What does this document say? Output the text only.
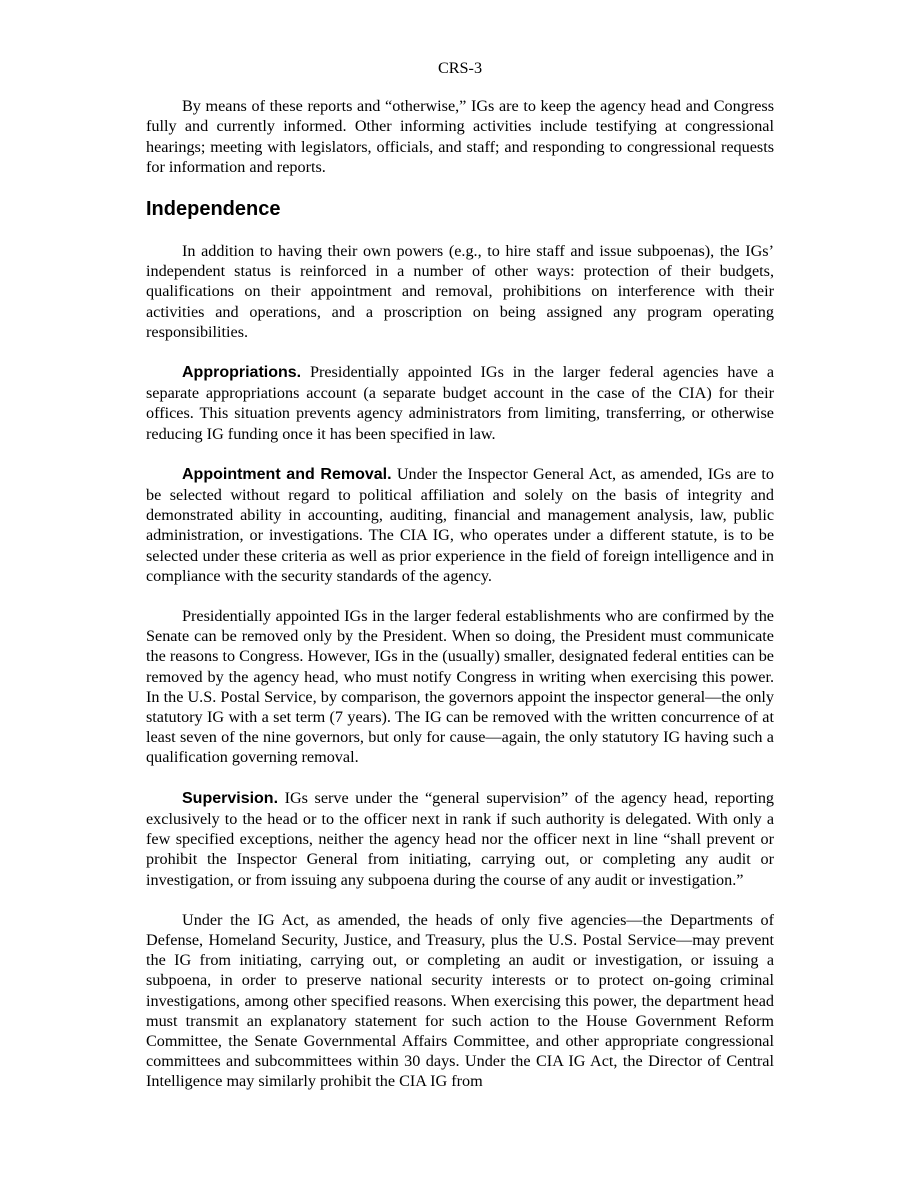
CRS-3

By means of these reports and “otherwise,” IGs are to keep the agency head and Congress fully and currently informed. Other informing activities include testifying at congressional hearings; meeting with legislators, officials, and staff; and responding to congressional requests for information and reports.

Independence

In addition to having their own powers (e.g., to hire staff and issue subpoenas), the IGs’ independent status is reinforced in a number of other ways: protection of their budgets, qualifications on their appointment and removal, prohibitions on interference with their activities and operations, and a proscription on being assigned any program operating responsibilities.

Appropriations. Presidentially appointed IGs in the larger federal agencies have a separate appropriations account (a separate budget account in the case of the CIA) for their offices. This situation prevents agency administrators from limiting, transferring, or otherwise reducing IG funding once it has been specified in law.

Appointment and Removal. Under the Inspector General Act, as amended, IGs are to be selected without regard to political affiliation and solely on the basis of integrity and demonstrated ability in accounting, auditing, financial and management analysis, law, public administration, or investigations. The CIA IG, who operates under a different statute, is to be selected under these criteria as well as prior experience in the field of foreign intelligence and in compliance with the security standards of the agency.

Presidentially appointed IGs in the larger federal establishments who are confirmed by the Senate can be removed only by the President. When so doing, the President must communicate the reasons to Congress. However, IGs in the (usually) smaller, designated federal entities can be removed by the agency head, who must notify Congress in writing when exercising this power. In the U.S. Postal Service, by comparison, the governors appoint the inspector general—the only statutory IG with a set term (7 years). The IG can be removed with the written concurrence of at least seven of the nine governors, but only for cause—again, the only statutory IG having such a qualification governing removal.

Supervision. IGs serve under the “general supervision” of the agency head, reporting exclusively to the head or to the officer next in rank if such authority is delegated. With only a few specified exceptions, neither the agency head nor the officer next in line “shall prevent or prohibit the Inspector General from initiating, carrying out, or completing any audit or investigation, or from issuing any subpoena during the course of any audit or investigation.”

Under the IG Act, as amended, the heads of only five agencies—the Departments of Defense, Homeland Security, Justice, and Treasury, plus the U.S. Postal Service—may prevent the IG from initiating, carrying out, or completing an audit or investigation, or issuing a subpoena, in order to preserve national security interests or to protect on-going criminal investigations, among other specified reasons. When exercising this power, the department head must transmit an explanatory statement for such action to the House Government Reform Committee, the Senate Governmental Affairs Committee, and other appropriate congressional committees and subcommittees within 30 days. Under the CIA IG Act, the Director of Central Intelligence may similarly prohibit the CIA IG from
